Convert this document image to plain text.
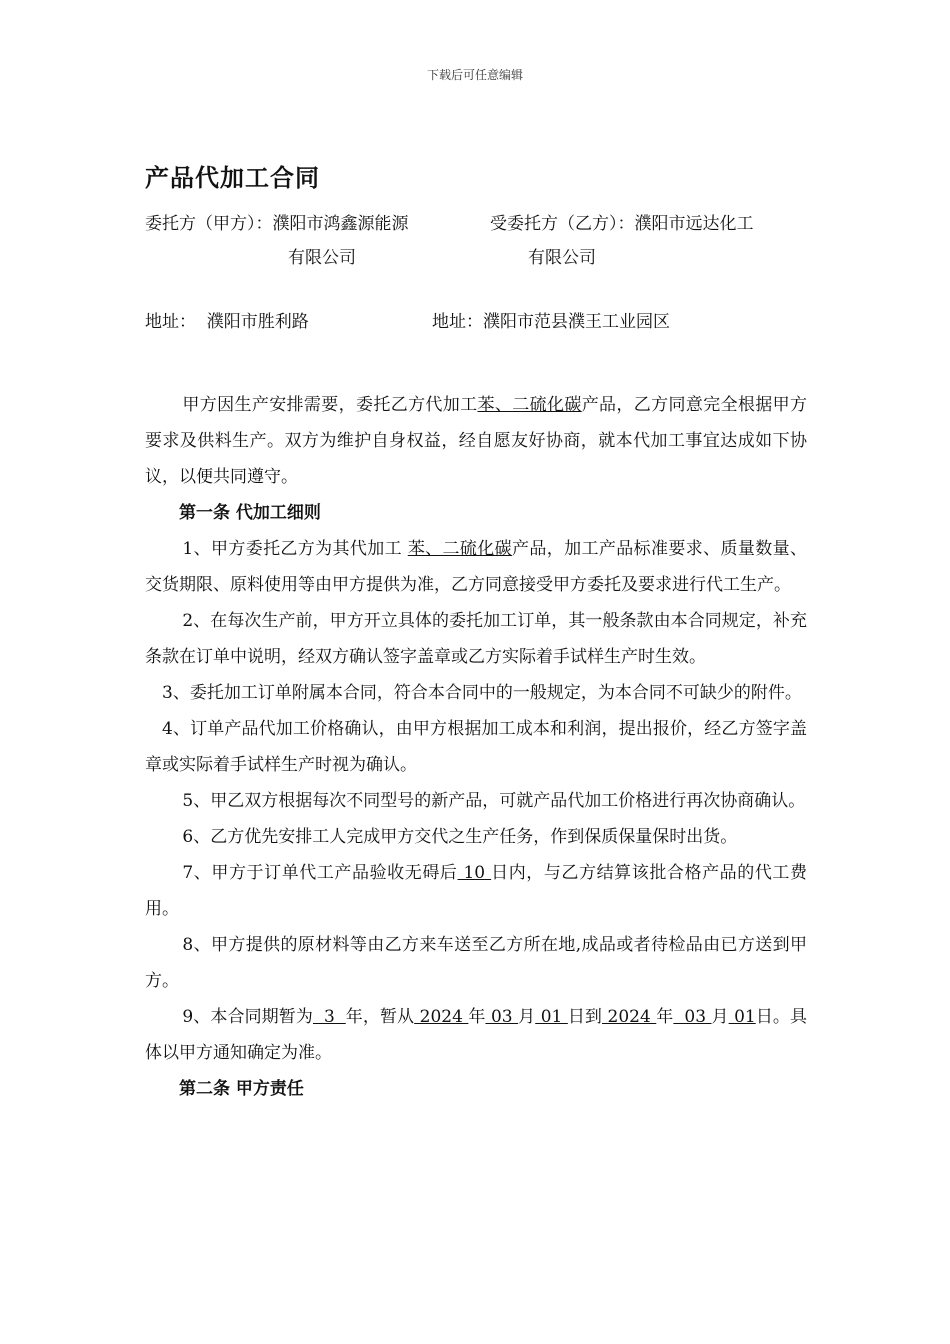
下载后可任意编辑
产品代加工合同
委托方（甲方）：濮阳市鸿鑫源能源
有限公司
受委托方（乙方）：濮阳市远达化工
有限公司
地址：  濮阳市胜利路	地址：濮阳市范县濮王工业园区

甲方因生产安排需要，委托乙方代加工苯、二硫化碳产品，乙方同意完全根据甲方要求及供料生产。双方为维护自身权益，经自愿友好协商，就本代加工事宜达成如下协议，以便共同遵守。

第一条 代加工细则

1、甲方委托乙方为其代加工 苯、二硫化碳产品，加工产品标准要求、质量数量、交货期限、原料使用等由甲方提供为准，乙方同意接受甲方委托及要求进行代工生产。

2、在每次生产前，甲方开立具体的委托加工订单，其一般条款由本合同规定，补充条款在订单中说明，经双方确认签字盖章或乙方实际着手试样生产时生效。

3、委托加工订单附属本合同，符合本合同中的一般规定，为本合同不可缺少的附件。

4、订单产品代加工价格确认，由甲方根据加工成本和利润，提出报价，经乙方签字盖章或实际着手试样生产时视为确认。

5、甲乙双方根据每次不同型号的新产品，可就产品代加工价格进行再次协商确认。

6、乙方优先安排工人完成甲方交代之生产任务，作到保质保量保时出货。

7、甲方于订单代工产品验收无碍后 10 日内，与乙方结算该批合格产品的代工费用。

8、甲方提供的原材料等由乙方来车送至乙方所在地,成品或者待检品由已方送到甲方。

9、本合同期暂为  3  年，暂从 2024 年 03 月 01 日到 2024 年  03 月 01日。具体以甲方通知确定为准。

第二条 甲方责任
